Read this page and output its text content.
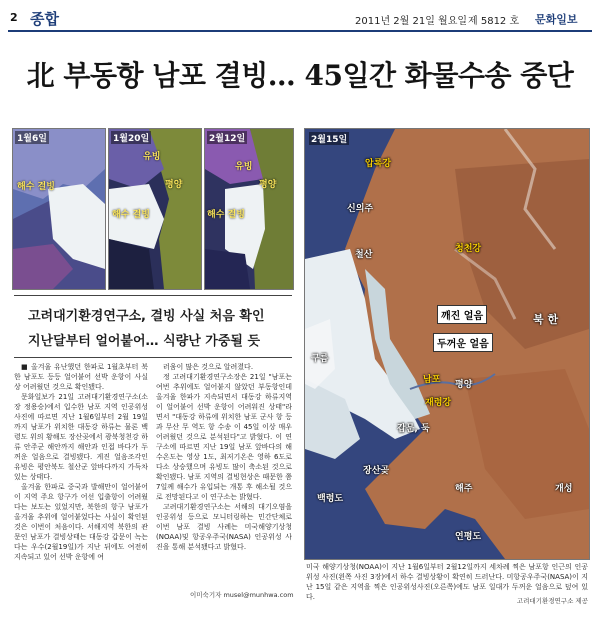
2 종합	2011년 2월 21일 월요일 제 5812 호 문화일보
北 부동항 남포 결빙… 45일간 화물수송 중단
1월6일
해수 결빙
1월20일
유빙
평양
해수 결빙
2월12일
유빙
평양
해수 결빙
고려대기환경연구소, 결빙 사실 처음 확인
지난달부터 얼어붙어… 식량난 가중될 듯

■ 올겨울 유난했던 한파로 1월초부터 북한 남포도 등등 얼어붙어 선박 운항이 사실상 어려웠던 것으로 확인됐다.

문화일보가 21일 고려대기환경연구소(소장 정용승)에서 입수한 남포 지역 인공위성 사진에 따르면 지난 1월6일부터 2월 19일까지 남포가 위치한 대동강 하류는 물론 백령도 위의 황해도 장산곶에서 광북청천강 하류 안주군 해안까지 해안과 인접 바다가 두꺼운 얼음으로 결빙됐다. 게진 얼음조각인 유빙은 평안북도 철산군 앞바다까지 가득차 있는 상태다.

올겨울 한파로 중국과 발해만이 얼어붙어 이 지역 주요 항구가 어선 입출항이 어려웠다는 보도는 있었지만, 북한의 항구 남포가 올겨울 추위에 얼어붙었다는 사실이 확인된 것은 이번이 처음이다. 서해지역 북한의 관문인 남포가 결빙상태는 대동강 갑문이 녹는다는 우수(2월19일)가 지난 뒤에도 여전히 지속되고 있어 선박 운항에 여

러움이 많은 것으로 알려졌다.

정 고려대기환경연구소장은 21일 "남포는 여번 추위에도 얼어붙지 않았던 부동항인데 올겨울 한파가 지속되면서 대동강 하류지역이 얼어붙어 선박 운항이 어려워진 상태"라면서 "대동강 하류에 위치한 남포 군사 항 등 과 무산 무 역도 항 수송 이 45일 이상 매우 어려웠던 것으로 분석된다"고 밝혔다. 이 연구소에 따르면 지난 19일 남포 앞바다의 해수온도는 영상 1도, 최저기온은 영하 6도로 다소 상승했으며 유빙도 많이 축소된 것으로 확인됐다. 남포 지역의 결빙현상은 때문한 쯤 7일께 해수가 유입되는 개통 후 해소될 것으로 전망된다고 이 연구소는 밝혔다.

고려대기환경연구소는 서해의 대기오염을 인공위성 등으로 모니터링하는 민간단체로 이번 남포 결빙 사례는 미국해양기상청(NOAA)및 항공우주국(NASA) 인공위성 사진을 통해 분석됐다고 밝혔다.

이미숙기자 musel@munhwa.com
2월15일
압록강
신의주
청천강
철산
북 한
구름
깨진 얼음
두꺼운 얼음
남포 평양
재령강
갑문, 둑
장산곶
백령도
해주
연평도
개성
미국 해양기상청(NOAA)이 지난 1월6일부터 2월12일까지 세차례 찍은 남포항 인근의 인공위성 사진(왼쪽 사진 3장)에서 하수 결빙상황이 확연히 드러난다. 미항공우주국(NASA)이 지난 15일 같은 지역을 찍은 인공위성사진(오른쪽)에도 남포 일대가 두꺼운 얼음으로 덮여 있다.	고려대기환경연구소 제공
